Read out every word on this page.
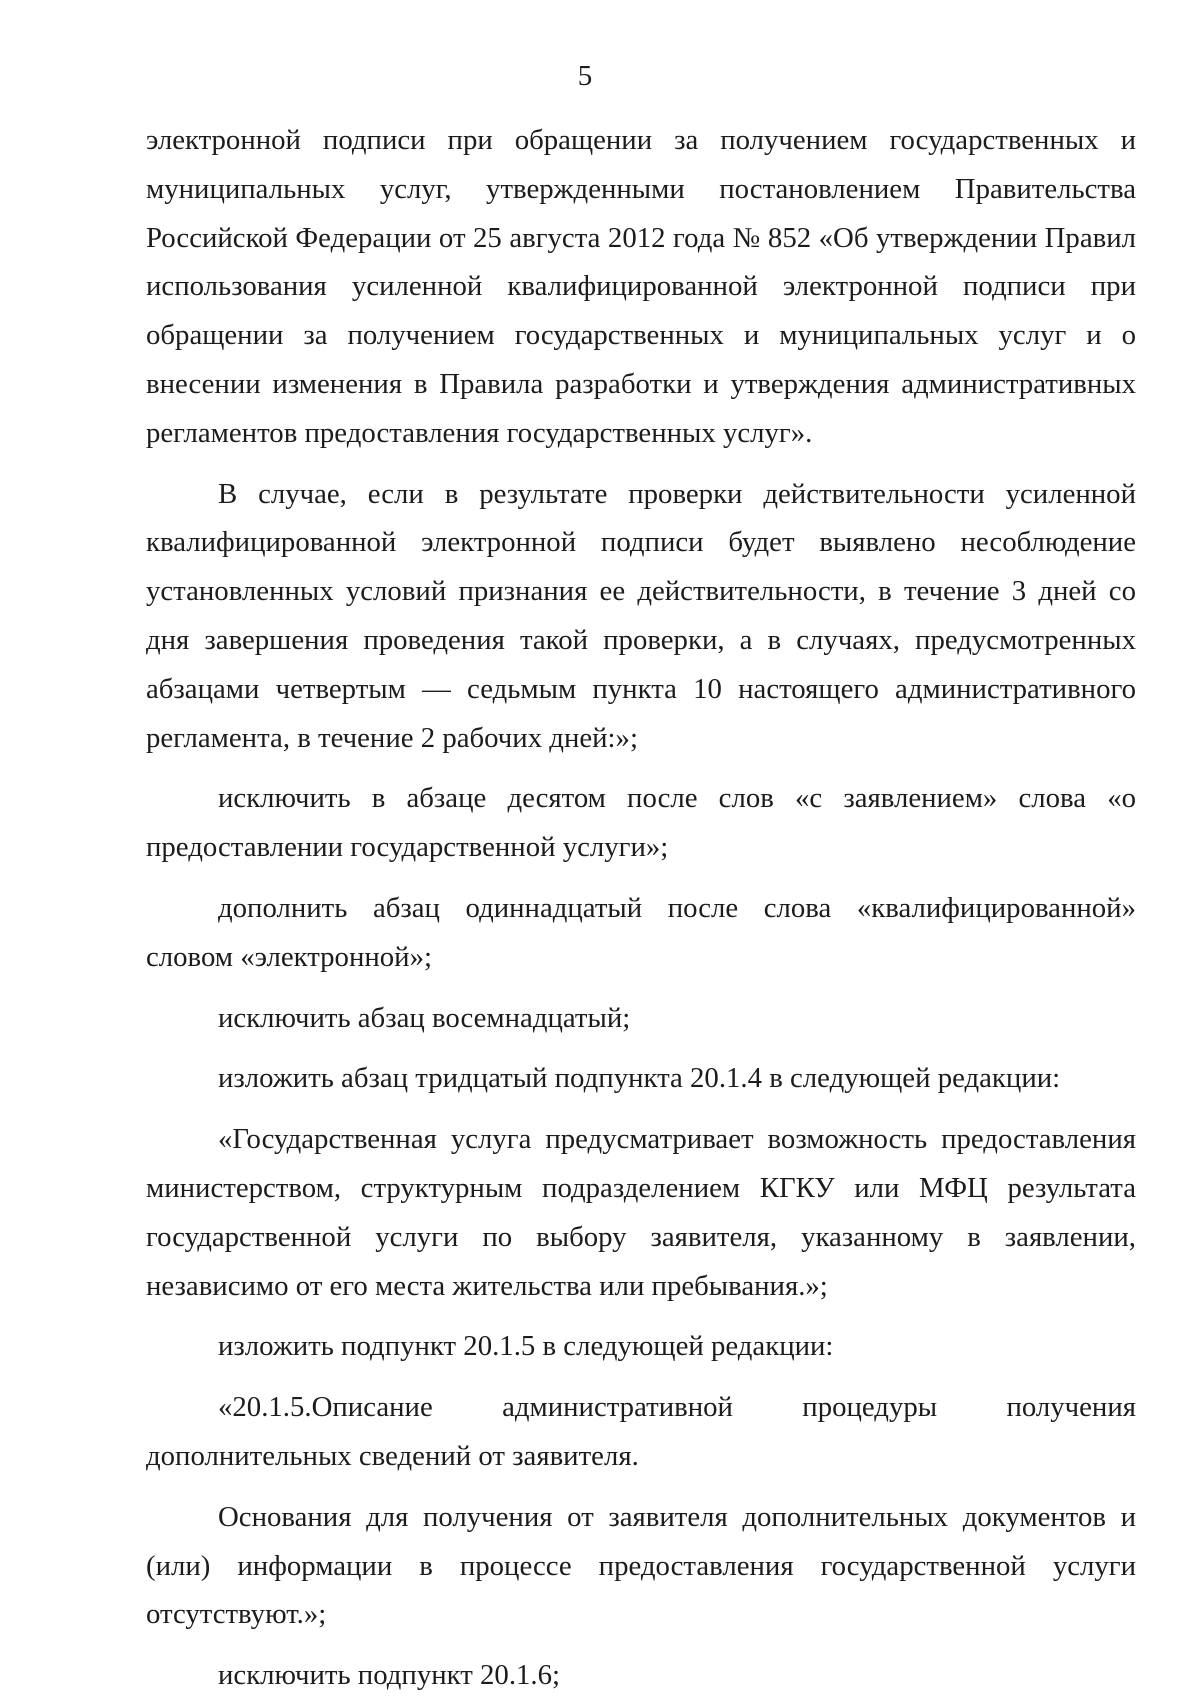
5

электронной подписи при обращении за получением государственных и муниципальных услуг, утвержденными постановлением Правительства Российской Федерации от 25 августа 2012 года № 852 «Об утверждении Правил использования усиленной квалифицированной электронной подписи при обращении за получением государственных и муниципальных услуг и о внесении изменения в Правила разработки и утверждения административных регламентов предоставления государственных услуг».

В случае, если в результате проверки действительности усиленной квалифицированной электронной подписи будет выявлено несоблюдение установленных условий признания ее действительности, в течение 3 дней со дня завершения проведения такой проверки, а в случаях, предусмотренных абзацами четвертым — седьмым пункта 10 настоящего административного регламента, в течение 2 рабочих дней:»;

исключить в абзаце десятом после слов «с заявлением» слова «о предоставлении государственной услуги»;

дополнить абзац одиннадцатый после слова «квалифицированной» словом «электронной»;

исключить абзац восемнадцатый;

изложить абзац тридцатый подпункта 20.1.4 в следующей редакции:

«Государственная услуга предусматривает возможность предоставления министерством, структурным подразделением КГКУ или МФЦ результата государственной услуги по выбору заявителя, указанному в заявлении, независимо от его места жительства или пребывания.»;

изложить подпункт 20.1.5 в следующей редакции:

«20.1.5.Описание административной процедуры получения

дополнительных сведений от заявителя.

Основания для получения от заявителя дополнительных документов и (или) информации в процессе предоставления государственной услуги отсутствуют.»;

исключить подпункт 20.1.6;
